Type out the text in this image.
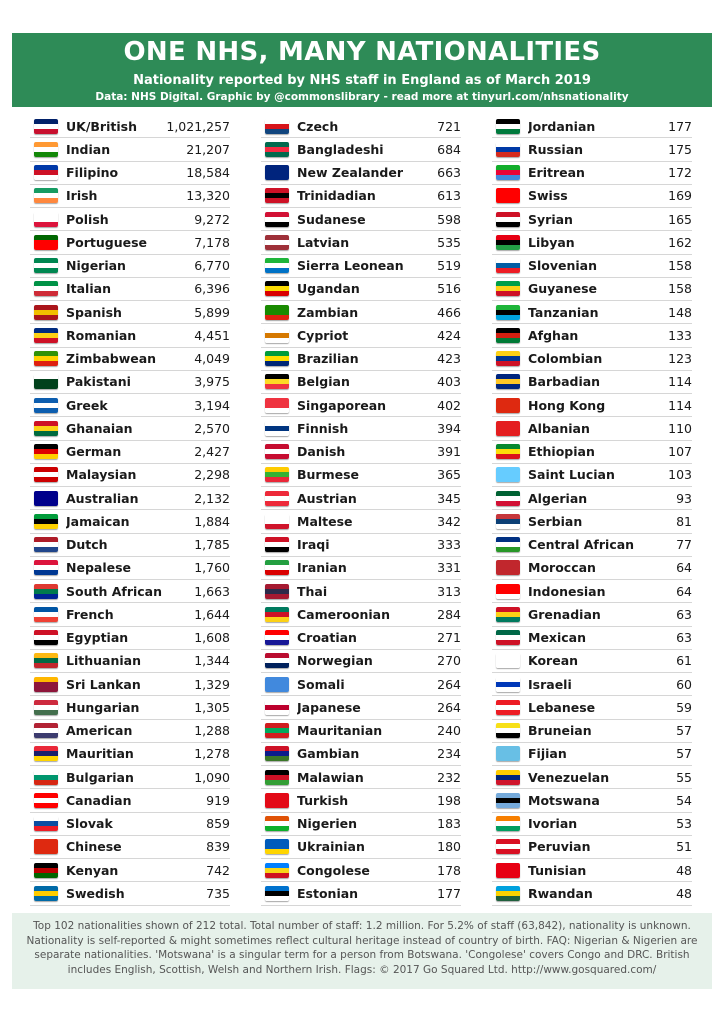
ONE NHS, MANY NATIONALITIES
Nationality reported by NHS staff in England as of March 2019
Data: NHS Digital. Graphic by @commonslibrary - read more at tinyurl.com/nhsnationality
UK/British	1,021,257
Indian	21,207
Filipino	18,584
Irish	13,320
Polish	9,272
Portuguese	7,178
Nigerian	6,770
Italian	6,396
Spanish	5,899
Romanian	4,451
Zimbabwean	4,049
Pakistani	3,975
Greek	3,194
Ghanaian	2,570
German	2,427
Malaysian	2,298
Australian	2,132
Jamaican	1,884
Dutch	1,785
Nepalese	1,760
South African	1,663
French	1,644
Egyptian	1,608
Lithuanian	1,344
Sri Lankan	1,329
Hungarian	1,305
American	1,288
Mauritian	1,278
Bulgarian	1,090
Canadian	919
Slovak	859
Chinese	839
Kenyan	742
Swedish	735
Czech	721
Bangladeshi	684
New Zealander	663
Trinidadian	613
Sudanese	598
Latvian	535
Sierra Leonean	519
Ugandan	516
Zambian	466
Cypriot	424
Brazilian	423
Belgian	403
Singaporean	402
Finnish	394
Danish	391
Burmese	365
Austrian	345
Maltese	342
Iraqi	333
Iranian	331
Thai	313
Cameroonian	284
Croatian	271
Norwegian	270
Somali	264
Japanese	264
Mauritanian	240
Gambian	234
Malawian	232
Turkish	198
Nigerien	183
Ukrainian	180
Congolese	178
Estonian	177
Jordanian	177
Russian	175
Eritrean	172
Swiss	169
Syrian	165
Libyan	162
Slovenian	158
Guyanese	158
Tanzanian	148
Afghan	133
Colombian	123
Barbadian	114
Hong Kong	114
Albanian	110
Ethiopian	107
Saint Lucian	103
Algerian	93
Serbian	81
Central African	77
Moroccan	64
Indonesian	64
Grenadian	63
Mexican	63
Korean	61
Israeli	60
Lebanese	59
Bruneian	57
Fijian	57
Venezuelan	55
Motswana	54
Ivorian	53
Peruvian	51
Tunisian	48
Rwandan	48

Top 102 nationalities shown of 212 total. Total number of staff: 1.2 million. For 5.2% of staff (63,842), nationality is unknown. Nationality is self-reported & might sometimes reflect cultural heritage instead of country of birth. FAQ: Nigerian & Nigerien are separate nationalities. 'Motswana' is a singular term for a person from Botswana. 'Congolese' covers Congo and DRC. British includes English, Scottish, Welsh and Northern Irish. Flags: © 2017 Go Squared Ltd. http://www.gosquared.com/
